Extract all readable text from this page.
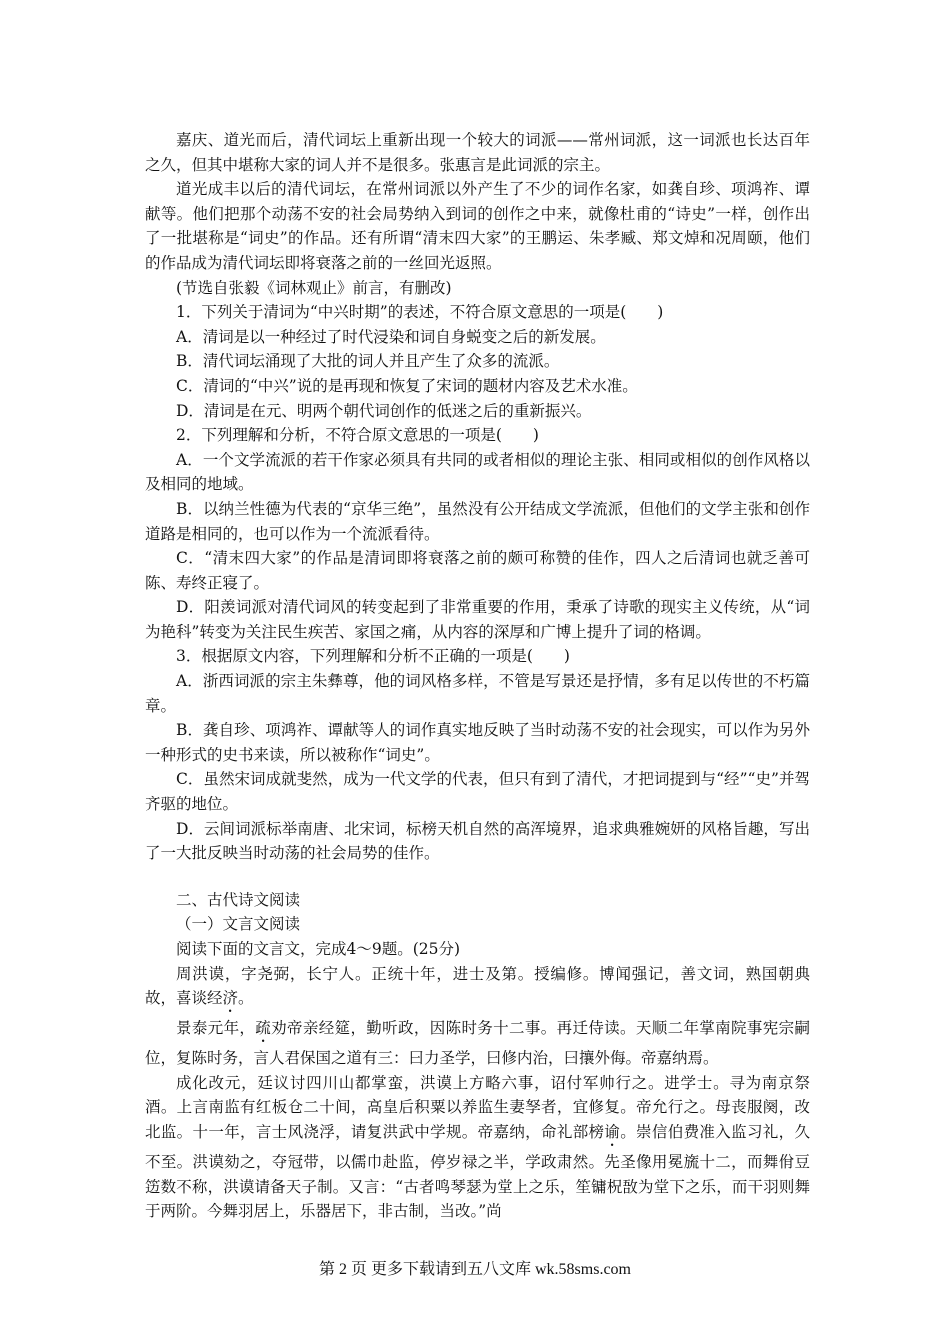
嘉庆、道光而后，清代词坛上重新出现一个较大的词派——常州词派，这一词派也长达百年之久，但其中堪称大家的词人并不是很多。张惠言是此词派的宗主。

道光成丰以后的清代词坛，在常州词派以外产生了不少的词作名家，如龚自珍、项鸿祚、谭献等。他们把那个动荡不安的社会局势纳入到词的创作之中来，就像杜甫的“诗史”一样，创作出了一批堪称是“词史”的作品。还有所谓“清末四大家”的王鹏运、朱孝臧、郑文焯和况周颐，他们的作品成为清代词坛即将衰落之前的一丝回光返照。

(节选自张毅《词林观止》前言，有删改)

1．下列关于清词为“中兴时期”的表述，不符合原文意思的一项是(　　)

A．清词是以一种经过了时代浸染和词自身蜕变之后的新发展。

B．清代词坛涌现了大批的词人并且产生了众多的流派。

C．清词的“中兴”说的是再现和恢复了宋词的题材内容及艺术水准。

D．清词是在元、明两个朝代词创作的低迷之后的重新振兴。

2．下列理解和分析，不符合原文意思的一项是(　　)

A．一个文学流派的若干作家必须具有共同的或者相似的理论主张、相同或相似的创作风格以及相同的地域。

B．以纳兰性德为代表的“京华三绝”，虽然没有公开结成文学流派，但他们的文学主张和创作道路是相同的，也可以作为一个流派看待。

C．“清末四大家”的作品是清词即将衰落之前的颇可称赞的佳作，四人之后清词也就乏善可陈、寿终正寝了。

D．阳羡词派对清代词风的转变起到了非常重要的作用，秉承了诗歌的现实主义传统，从“词为艳科”转变为关注民生疾苦、家国之痛，从内容的深厚和广博上提升了词的格调。

3．根据原文内容，下列理解和分析不正确的一项是(　　)

A．浙西词派的宗主朱彝尊，他的词风格多样，不管是写景还是抒情，多有足以传世的不朽篇章。

B．龚自珍、项鸿祚、谭献等人的词作真实地反映了当时动荡不安的社会现实，可以作为另外一种形式的史书来读，所以被称作“词史”。

C．虽然宋词成就斐然，成为一代文学的代表，但只有到了清代，才把词提到与“经”“史”并驾齐驱的地位。

D．云间词派标举南唐、北宋词，标榜天机自然的高浑境界，追求典雅婉妍的风格旨趣，写出了一大批反映当时动荡的社会局势的佳作。

二、古代诗文阅读

（一）文言文阅读

阅读下面的文言文，完成4～9题。(25分)

周洪谟，字尧弼，长宁人。正统十年，进士及第。授编修。博闻强记，善文词，熟国朝典故，喜谈经济。

景泰元年，疏劝帝亲经筵，勤听政，因陈时务十二事。再迁侍读。天顺二年掌南院事宪宗嗣位，复陈时务，言人君保国之道有三：曰力圣学，曰修内治，曰攘外侮。帝嘉纳焉。

成化改元，廷议讨四川山都掌蛮，洪谟上方略六事，诏付军帅行之。进学士。寻为南京祭酒。上言南监有红板仓二十间，高皇后积粟以养监生妻孥者，宜修复。帝允行之。母丧服阕，改北监。十一年，言士风浇浮，请复洪武中学规。帝嘉纳，命礼部榜谕。崇信伯费准入监习礼，久不至。洪谟劾之，夺冠带，以儒巾赴监，停岁禄之半，学政肃然。先圣像用冕旒十二，而舞佾豆笾数不称，洪谟请备天子制。又言：“古者鸣琴瑟为堂上之乐，笙镛柷敔为堂下之乐，而干羽则舞于两阶。今舞羽居上，乐器居下，非古制，当改。”尚

第 2 页 更多下载请到五八文库 wk.58sms.com
